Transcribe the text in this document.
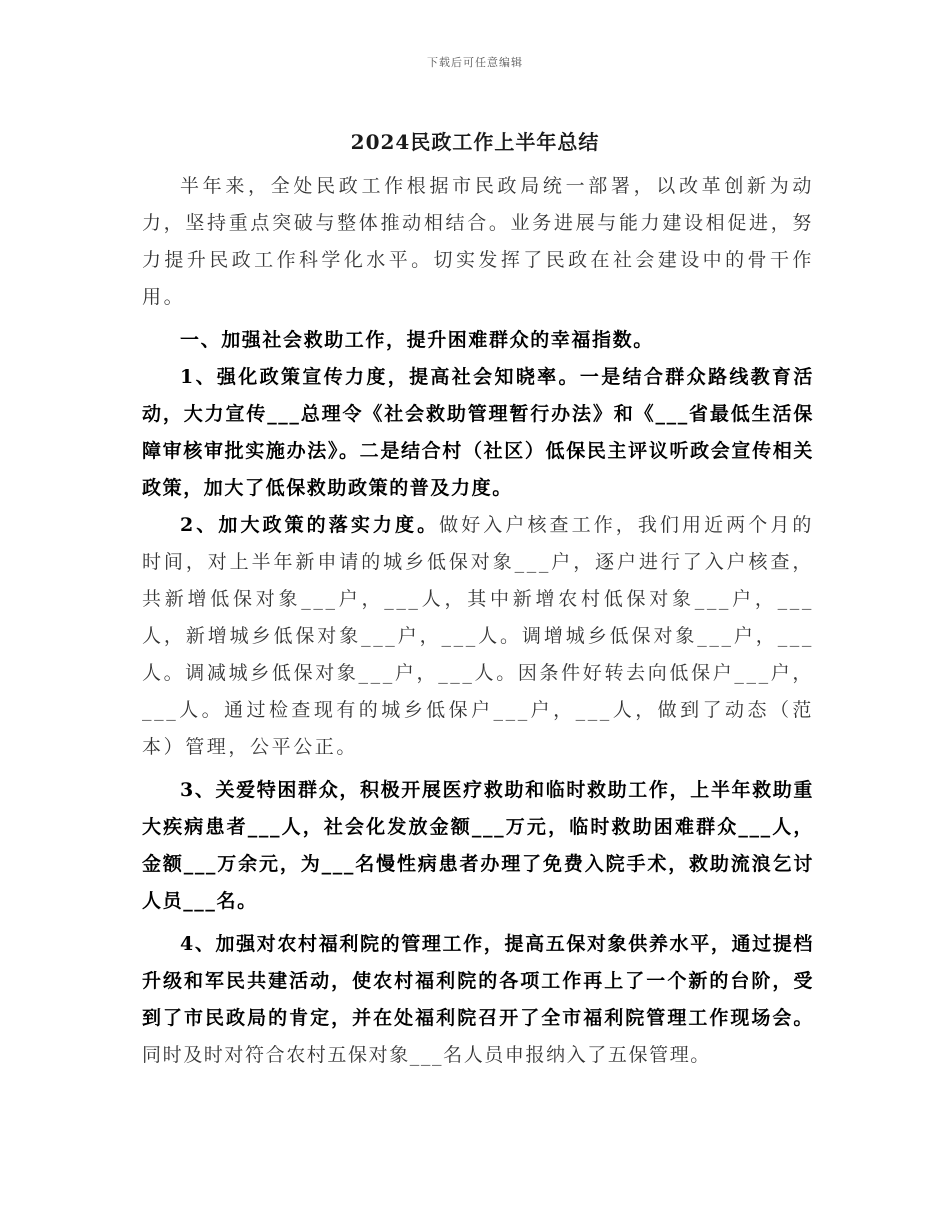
下载后可任意编辑
2024民政工作上半年总结

半年来，全处民政工作根据市民政局统一部署，以改革创新为动力，坚持重点突破与整体推动相结合。业务进展与能力建设相促进，努力提升民政工作科学化水平。切实发挥了民政在社会建设中的骨干作用。

一、加强社会救助工作，提升困难群众的幸福指数。

1、强化政策宣传力度，提高社会知晓率。一是结合群众路线教育活动，大力宣传___总理令《社会救助管理暂行办法》和《___省最低生活保障审核审批实施办法》。二是结合村（社区）低保民主评议听政会宣传相关政策，加大了低保救助政策的普及力度。

2、加大政策的落实力度。做好入户核查工作，我们用近两个月的时间，对上半年新申请的城乡低保对象___户，逐户进行了入户核查，共新增低保对象___户，___人，其中新增农村低保对象___户，___人，新增城乡低保对象___户，___人。调增城乡低保对象___户，___人。调减城乡低保对象___户，___人。因条件好转去向低保户___户，___人。通过检查现有的城乡低保户___户，___人，做到了动态（范本）管理，公平公正。

3、关爱特困群众，积极开展医疗救助和临时救助工作，上半年救助重大疾病患者___人，社会化发放金额___万元，临时救助困难群众___人，金额___万余元，为___名慢性病患者办理了免费入院手术，救助流浪乞讨人员___名。

4、加强对农村福利院的管理工作，提高五保对象供养水平，通过提档升级和军民共建活动，使农村福利院的各项工作再上了一个新的台阶，受到了市民政局的肯定，并在处福利院召开了全市福利院管理工作现场会。同时及时对符合农村五保对象___名人员申报纳入了五保管理。
